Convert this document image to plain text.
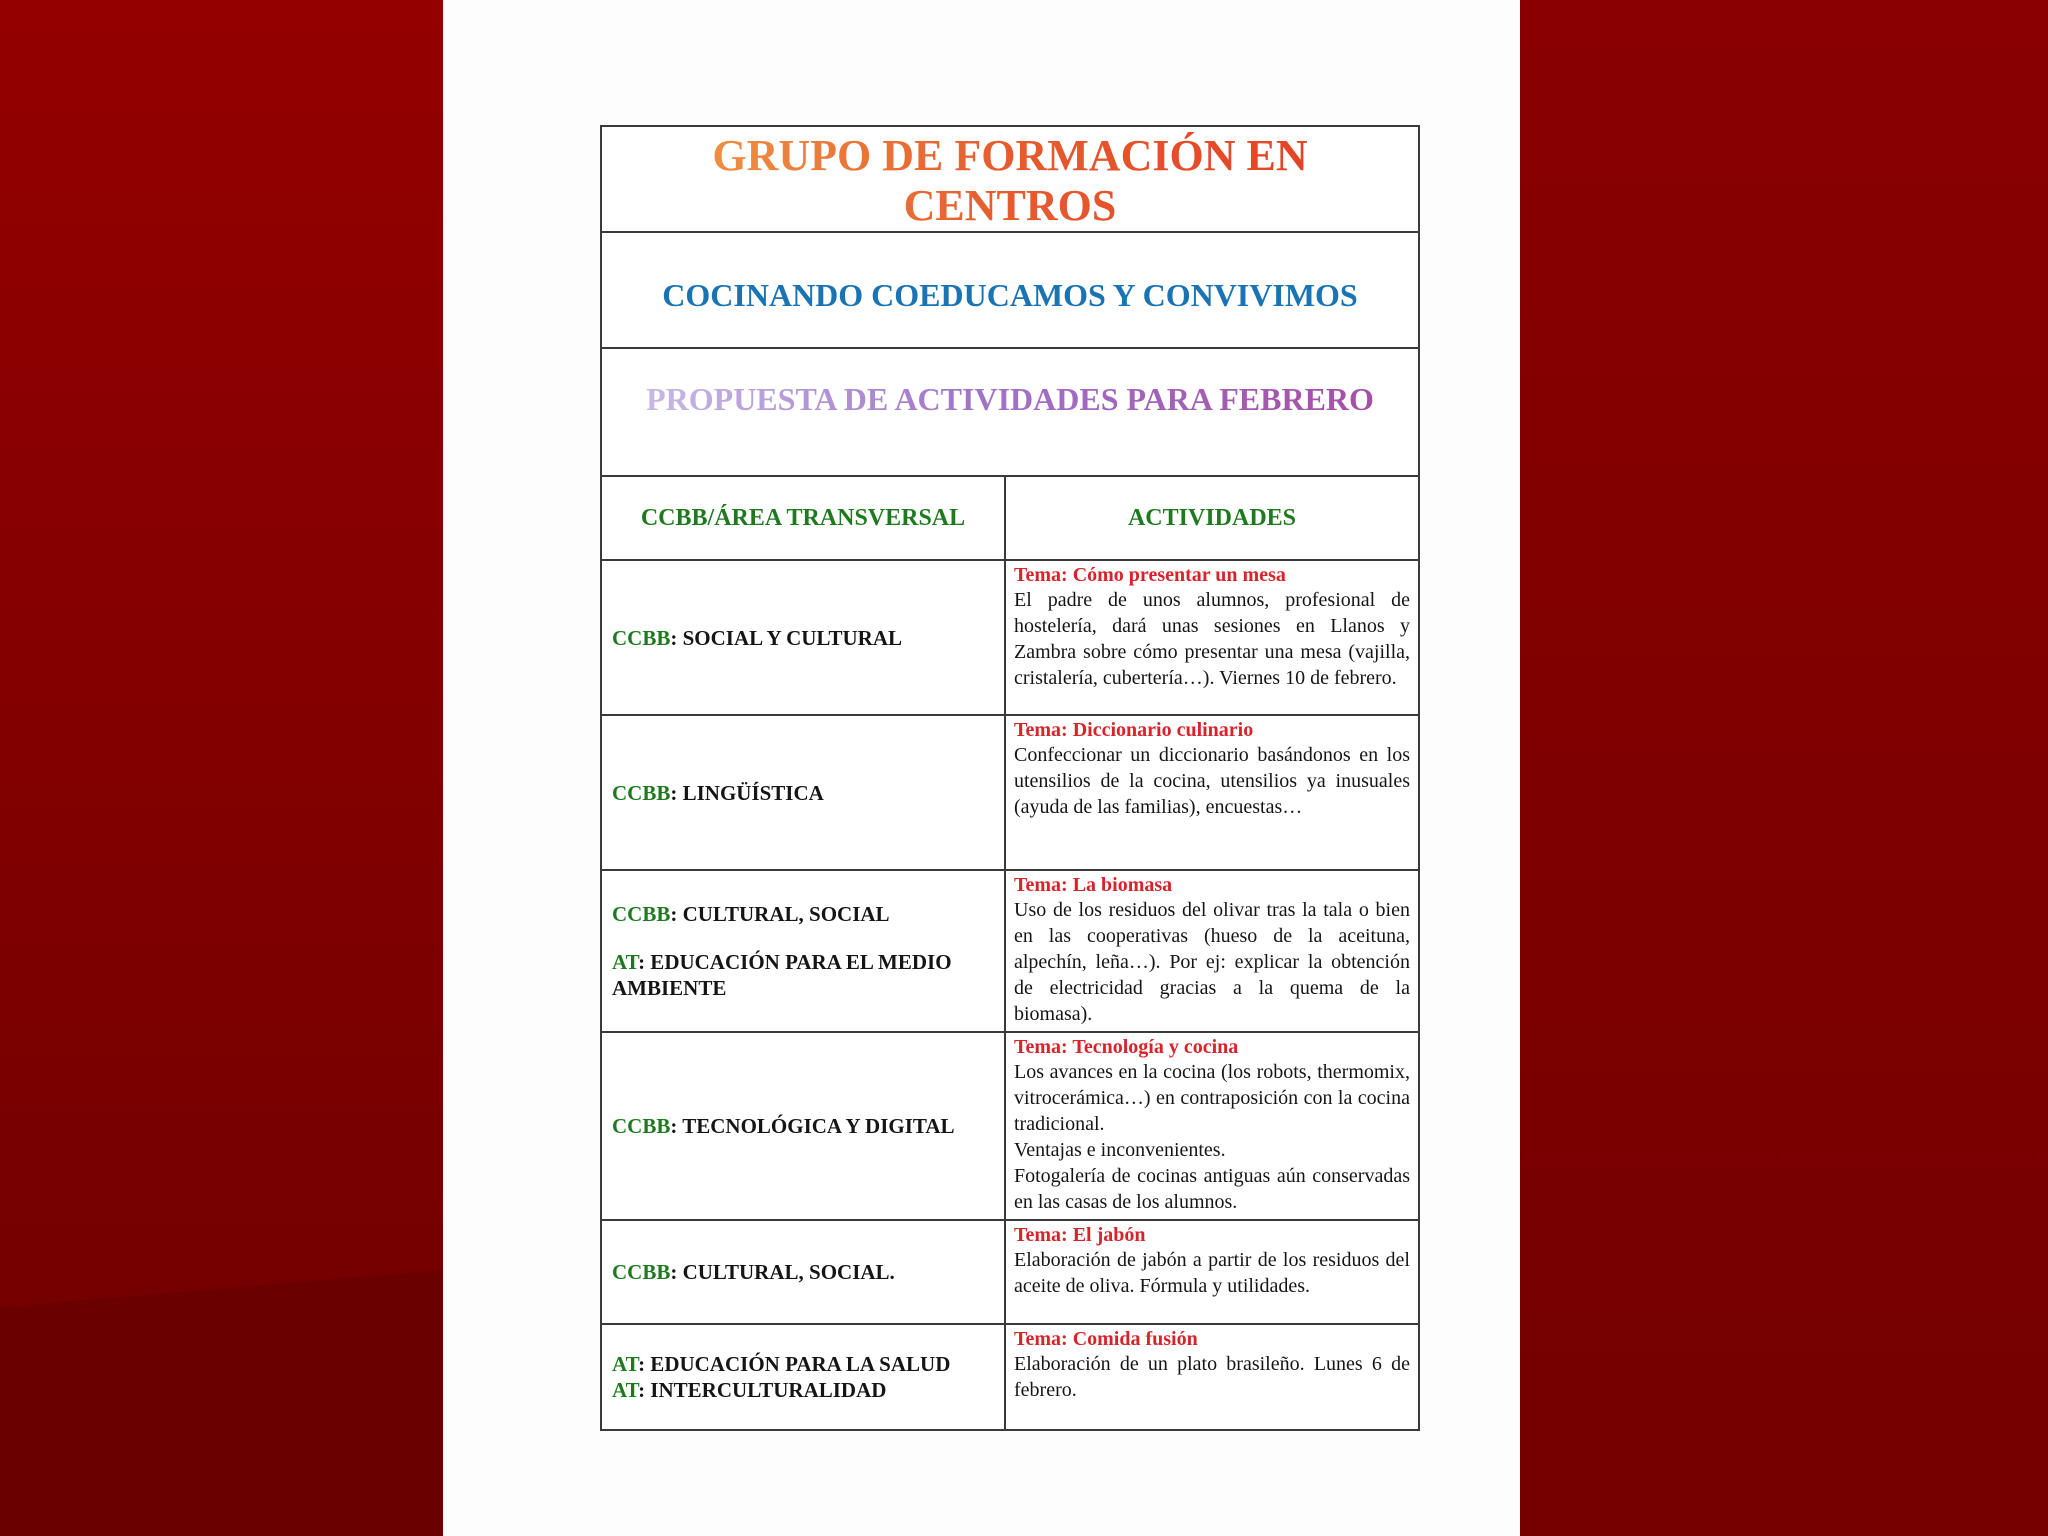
GRUPO DE FORMACIÓN EN
CENTROS
COCINANDO COEDUCAMOS Y CONVIVIMOS
PROPUESTA DE ACTIVIDADES PARA FEBRERO
CCBB/ÁREA TRANSVERSAL	ACTIVIDADES

CCBB: SOCIAL Y CULTURAL	Tema: Cómo presentar un mesa
El padre de unos alumnos, profesional de hostelería, dará unas sesiones en Llanos y Zambra sobre cómo presentar una mesa (vajilla, cristalería, cubertería…). Viernes 10 de febrero.

CCBB: LINGÜÍSTICA	Tema: Diccionario culinario
Confeccionar un diccionario basándonos en los utensilios de la cocina, utensilios ya inusuales (ayuda de las familias), encuestas…

CCBB: CULTURAL, SOCIAL
AT: EDUCACIÓN PARA EL MEDIO AMBIENTE	Tema: La biomasa
Uso de los residuos del olivar tras la tala o bien en las cooperativas (hueso de la aceituna, alpechín, leña…). Por ej: explicar la obtención de electricidad gracias a la quema de la biomasa).

CCBB: TECNOLÓGICA Y DIGITAL	Tema: Tecnología y cocina
Los avances en la cocina (los robots, thermomix, vitrocerámica…) en contraposición con la cocina tradicional.
Ventajas e inconvenientes.
Fotogalería de cocinas antiguas aún conservadas en las casas de los alumnos.

CCBB: CULTURAL, SOCIAL.	Tema: El jabón
Elaboración de jabón a partir de los residuos del aceite de oliva. Fórmula y utilidades.

AT: EDUCACIÓN PARA LA SALUD
AT: INTERCULTURALIDAD	Tema: Comida fusión
Elaboración de un plato brasileño. Lunes 6 de febrero.
